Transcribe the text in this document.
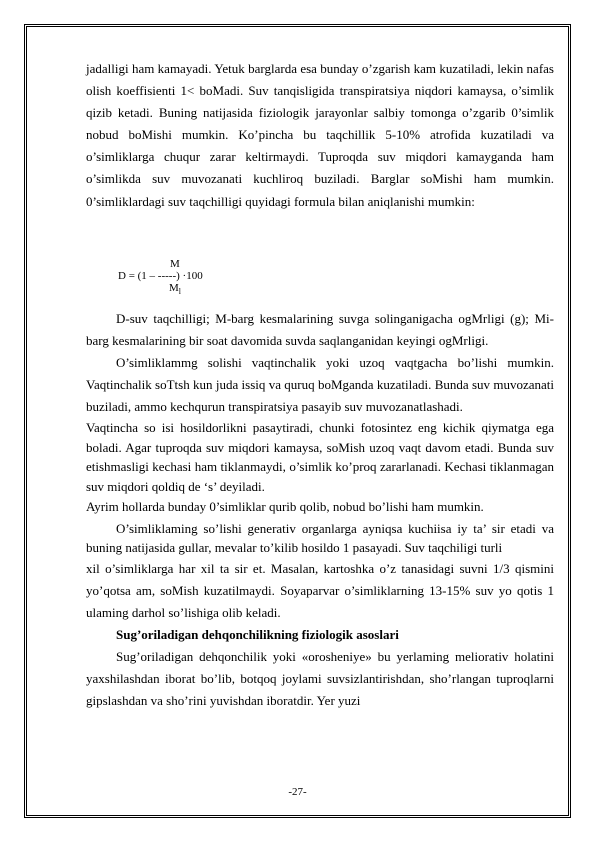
jadalligi ham kamayadi. Yetuk barglarda esa bunday o’zgarish kam kuzatiladi, lekin nafas olish koeffisienti 1< boMadi. Suv tanqisligida transpiratsiya niqdori kamaysa, o’simlik qizib ketadi. Buning natijasida fiziologik jarayonlar salbiy tomonga o’zgarib 0’simlik nobud boMishi mumkin. Ko’pincha bu taqchillik 5-10% atrofida kuzatiladi va o’simliklarga chuqur zarar keltirmaydi. Tuproqda suv miqdori kamayganda ham o’simlikda suv muvozanati kuchliroq buziladi. Barglar soMishi ham mumkin. 0’simliklardagi suv taqchilligi quyidagi formula bilan aniqlanishi mumkin:

M
D = (1 – -----) ·100
$M_l$

D-suv taqchilligi; M-barg kesmalarining suvga solinganigacha ogMrligi (g); Mi-barg kesmalarining bir soat davomida suvda saqlanganidan keyingi ogMrligi.

O’simliklammg solishi vaqtinchalik yoki uzoq vaqtgacha bo’lishi mumkin. Vaqtinchalik soTtsh kun juda issiq va quruq boMganda kuzatiladi. Bunda suv muvozanati buziladi, ammo kechqurun transpiratsiya pasayib suv muvozanatlashadi.

Vaqtincha so isi hosildorlikni pasaytiradi, chunki fotosintez eng kichik qiymatga ega boladi. Agar tuproqda suv miqdori kamaysa, soMish uzoq vaqt davom etadi. Bunda suv etishmasligi kechasi ham tiklanmaydi, o’simlik ko’proq zararlanadi. Kechasi tiklanmagan suv miqdori qoldiq de ‘s’ deyiladi.

Ayrim hollarda bunday 0’simliklar qurib qolib, nobud bo’lishi ham mumkin.

O’simliklaming so’lishi generativ organlarga ayniqsa kuchiisa iy ta’ sir etadi va buning natijasida gullar, mevalar to’kilib hosildo 1 pasayadi. Suv taqchiligi turli

xil o’simliklarga har xil ta sir et. Masalan, kartoshka o’z tanasidagi suvni 1/3 qismini yo’qotsa am, soMish kuzatilmaydi. Soyaparvar o’simliklarning 13-15% suv yo qotis 1 ulaming darhol so’lishiga olib keladi.

Sug’oriladigan dehqonchilikning fiziologik asoslari

Sug’oriladigan dehqonchilik yoki «orosheniye» bu yerlaming meliorativ holatini yaxshilashdan iborat bo’lib, botqoq joylami suvsizlantirishdan, sho’rlangan tuproqlarni gipslashdan va sho’rini yuvishdan iboratdir. Yer yuzi

-27-
